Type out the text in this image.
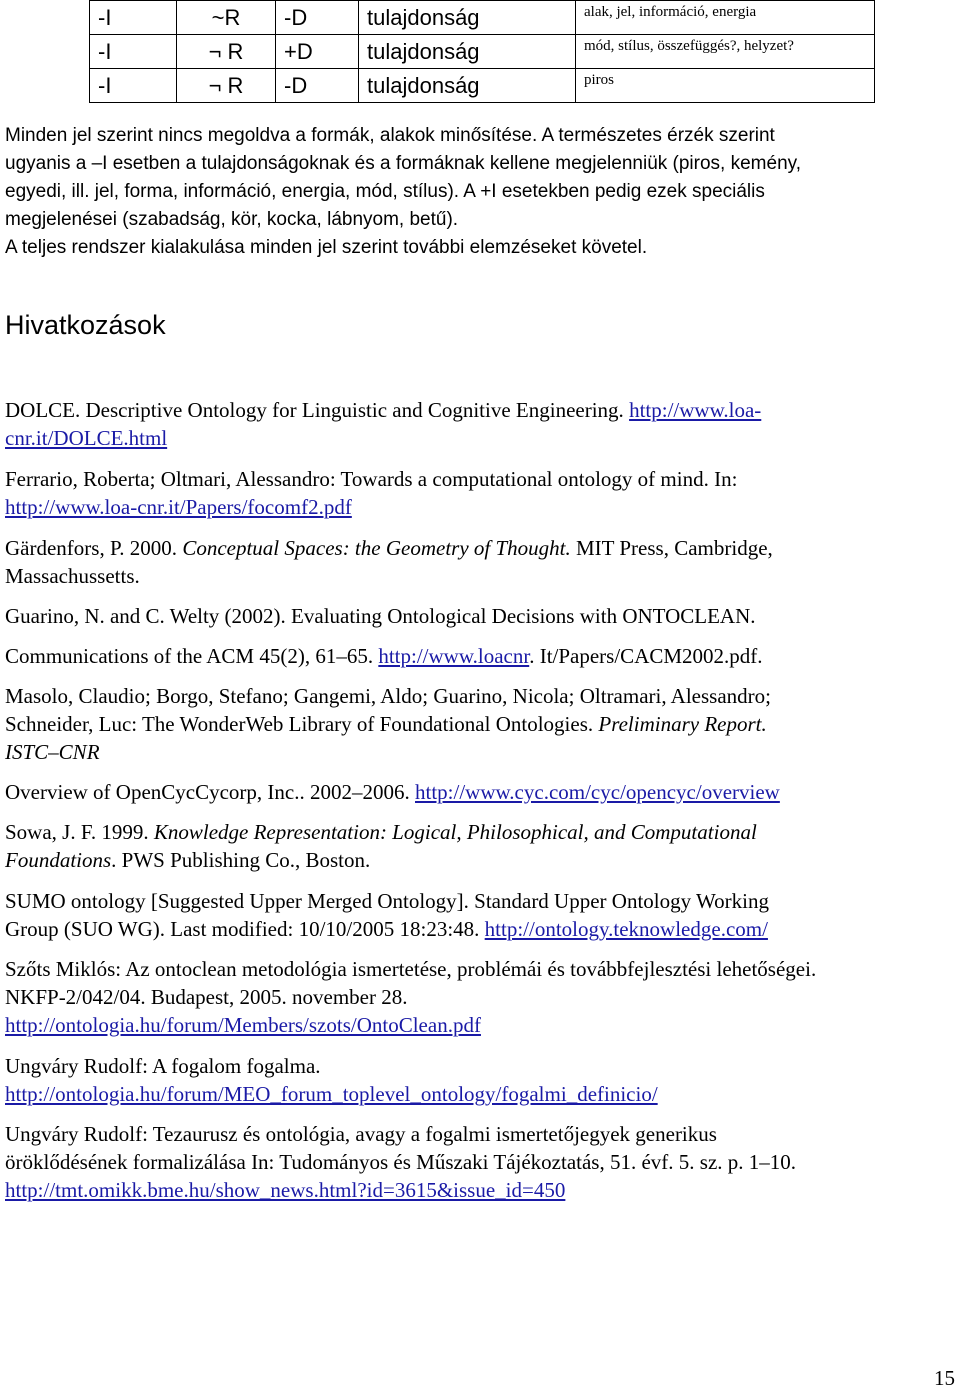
-I	~R	-D	tulajdonság	alak, jel, információ, energia
-I	¬ R	+D	tulajdonság	mód, stílus, összefüggés?, helyzet?
-I	¬ R	-D	tulajdonság	piros
Minden jel szerint nincs megoldva a formák, alakok minősítése. A természetes érzék szerint
ugyanis a –I esetben a tulajdonságoknak és a formáknak kellene megjelenniük (piros, kemény,
egyedi, ill. jel, forma, információ, energia, mód, stílus). A +I esetekben pedig ezek speciális
megjelenései (szabadság, kör, kocka, lábnyom, betű).
A teljes rendszer kialakulása minden jel szerint további elemzéseket követel.
Hivatkozások
DOLCE. Descriptive Ontology for Linguistic and Cognitive Engineering. http://www.loa-
cnr.it/DOLCE.html
Ferrario, Roberta; Oltmari, Alessandro: Towards a computational ontology of mind. In:
http://www.loa-cnr.it/Papers/focomf2.pdf
Gärdenfors, P. 2000. Conceptual Spaces: the Geometry of Thought. MIT Press, Cambridge,
Massachussetts.
Guarino, N. and C. Welty (2002). Evaluating Ontological Decisions with ONTOCLEAN.
Communications of the ACM 45(2), 61–65. http://www.loacnr. It/Papers/CACM2002.pdf.
Masolo, Claudio; Borgo, Stefano; Gangemi, Aldo; Guarino, Nicola; Oltramari, Alessandro;
Schneider, Luc: The WonderWeb Library of Foundational Ontologies. Preliminary Report.
ISTC–CNR
Overview of OpenCycCycorp, Inc.. 2002–2006. http://www.cyc.com/cyc/opencyc/overview
Sowa, J. F. 1999. Knowledge Representation: Logical, Philosophical, and Computational
Foundations. PWS Publishing Co., Boston.
SUMO ontology [Suggested Upper Merged Ontology]. Standard Upper Ontology Working
Group (SUO WG). Last modified: 10/10/2005 18:23:48. http://ontology.teknowledge.com/
Szőts Miklós: Az ontoclean metodológia ismertetése, problémái és továbbfejlesztési lehetőségei.
NKFP-2/042/04. Budapest, 2005. november 28.
http://ontologia.hu/forum/Members/szots/OntoClean.pdf
Ungváry Rudolf: A fogalom fogalma.
http://ontologia.hu/forum/MEO_forum_toplevel_ontology/fogalmi_definicio/
Ungváry Rudolf: Tezaurusz és ontológia, avagy a fogalmi ismertetőjegyek generikus
öröklődésének formalizálása In: Tudományos és Műszaki Tájékoztatás, 51. évf. 5. sz. p. 1–10.
http://tmt.omikk.bme.hu/show_news.html?id=3615&issue_id=450
15
